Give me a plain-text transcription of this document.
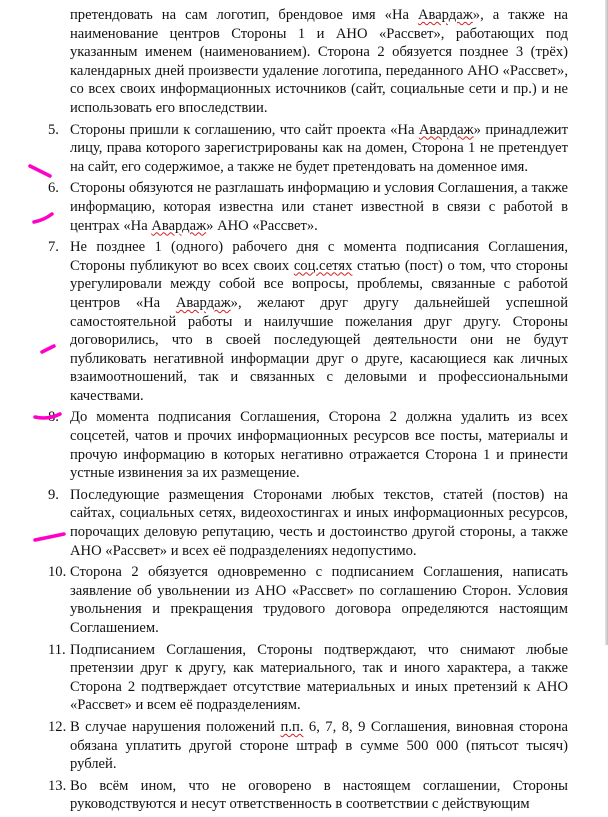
претендовать на сам логотип, брендовое имя «На Авардаж», а также на наименование центров Стороны 1 и АНО «Рассвет», работающих под указанным именем (наименованием). Сторона 2 обязуется позднее 3 (трёх) календарных дней произвести удаление логотипа, переданного АНО «Рассвет», со всех своих информационных источников (сайт, социальные сети и пр.) и не использовать его впоследствии.
5. Стороны пришли к соглашению, что сайт проекта «На Авардаж» принадлежит лицу, права которого зарегистрированы как на домен, Сторона 1 не претендует на сайт, его содержимое, а также не будет претендовать на доменное имя.
6. Стороны обязуются не разглашать информацию и условия Соглашения, а также информацию, которая известна или станет известной в связи с работой в центрах «На Авардаж» АНО «Рассвет».
7. Не позднее 1 (одного) рабочего дня с момента подписания Соглашения, Стороны публикуют во всех своих соц.сетях статью (пост) о том, что стороны урегулировали между собой все вопросы, проблемы, связанные с работой центров «На Авардаж», желают друг другу дальнейшей успешной самостоятельной работы и наилучшие пожелания друг другу. Стороны договорились, что в своей последующей деятельности они не будут публиковать негативной информации друг о друге, касающиеся как личных взаимоотношений, так и связанных с деловыми и профессиональными качествами.
8. До момента подписания Соглашения, Сторона 2 должна удалить из всех соцсетей, чатов и прочих информационных ресурсов все посты, материалы и прочую информацию в которых негативно отражается Сторона 1 и принести устные извинения за их размещение.
9. Последующие размещения Сторонами любых текстов, статей (постов) на сайтах, социальных сетях, видеохостингах и иных информационных ресурсов, порочащих деловую репутацию, честь и достоинство другой стороны, а также АНО «Рассвет» и всех её подразделениях недопустимо.
10. Сторона 2 обязуется одновременно с подписанием Соглашения, написать заявление об увольнении из АНО «Рассвет» по соглашению Сторон. Условия увольнения и прекращения трудового договора определяются настоящим Соглашением.
11. Подписанием Соглашения, Стороны подтверждают, что снимают любые претензии друг к другу, как материального, так и иного характера, а также Сторона 2 подтверждает отсутствие материальных и иных претензий к АНО «Рассвет» и всем её подразделениям.
12. В случае нарушения положений п.п. 6, 7, 8, 9 Соглашения, виновная сторона обязана уплатить другой стороне штраф в сумме 500 000 (пятьсот тысяч) рублей.
13. Во всём ином, что не оговорено в настоящем соглашении, Стороны руководствуются и несут ответственность в соответствии с действующим
